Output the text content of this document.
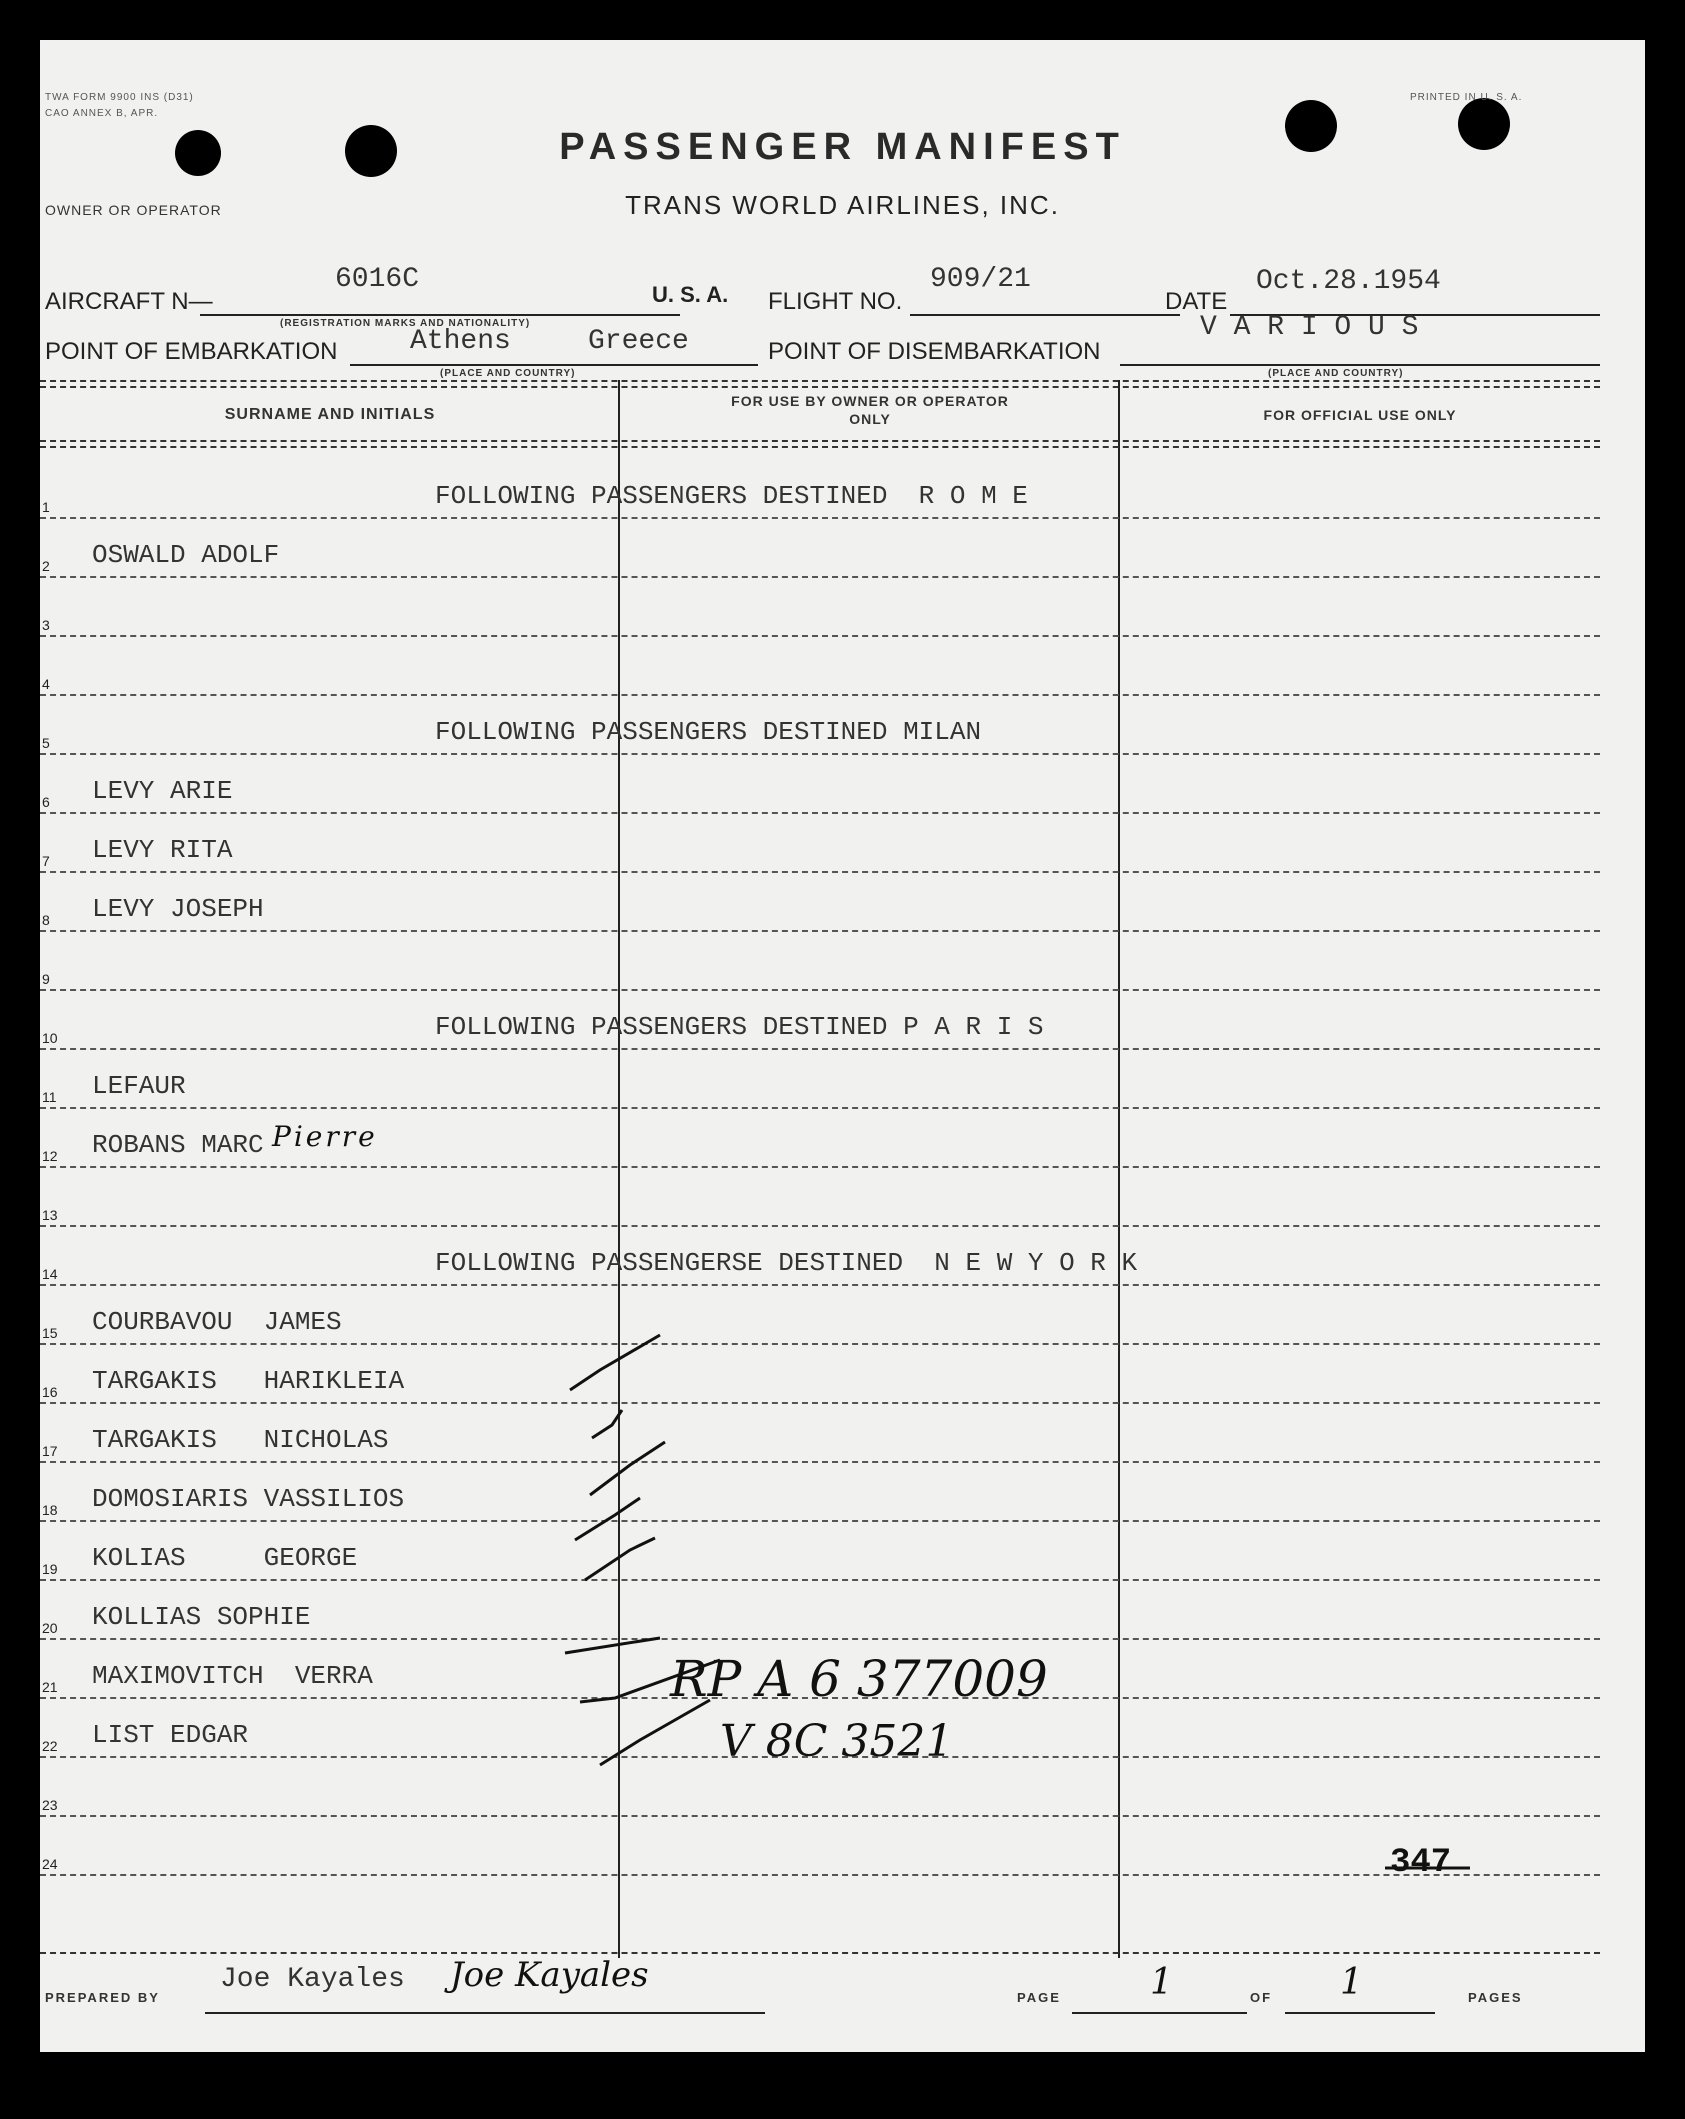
TWA FORM 9900 INS (D31)
CAO ANNEX B, APR.
PRINTED IN U. S. A.
OWNER OR OPERATOR
PASSENGER MANIFEST
TRANS WORLD AIRLINES, INC.
AIRCRAFT N—
6016C
(REGISTRATION MARKS AND NATIONALITY)
U. S. A. FLIGHT NO.
909/21
DATE
Oct.28.1954
POINT OF EMBARKATION	Athens	Greece
(PLACE AND COUNTRY)
POINT OF DISEMBARKATION
V A R I O U S
(PLACE AND COUNTRY)
SURNAME AND INITIALS
FOR USE BY OWNER OR OPERATOR ONLY	FOR OFFICIAL USE ONLY
1	FOLLOWING PASSENGERS DESTINED  R O M E
2 OSWALD ADOLF
3
4
5	FOLLOWING PASSENGERS DESTINED MILAN
6 LEVY ARIE
7 LEVY RITA
8 LEVY JOSEPH
9
10	FOLLOWING PASSENGERS DESTINED P A R I S
11 LEFAUR
12 ROBANS MARC
13
14	FOLLOWING PASSENGERSE DESTINED  N E W Y O R K
15 COURBAVOU  JAMES
16 TARGAKIS   HARIKLEIA
17 TARGAKIS   NICHOLAS
18 DOMOSIARIS VASSILIOS
19 KOLIAS     GEORGE
20 KOLLIAS SOPHIE
21 MAXIMOVITCH  VERRA
22 LIST EDGAR
23
24
Pierre
RP A 6 377009
V 8C 3521
347
PREPARED BY
Joe Kayales Joe Kayales
PAGE 1	OF 1	PAGES
